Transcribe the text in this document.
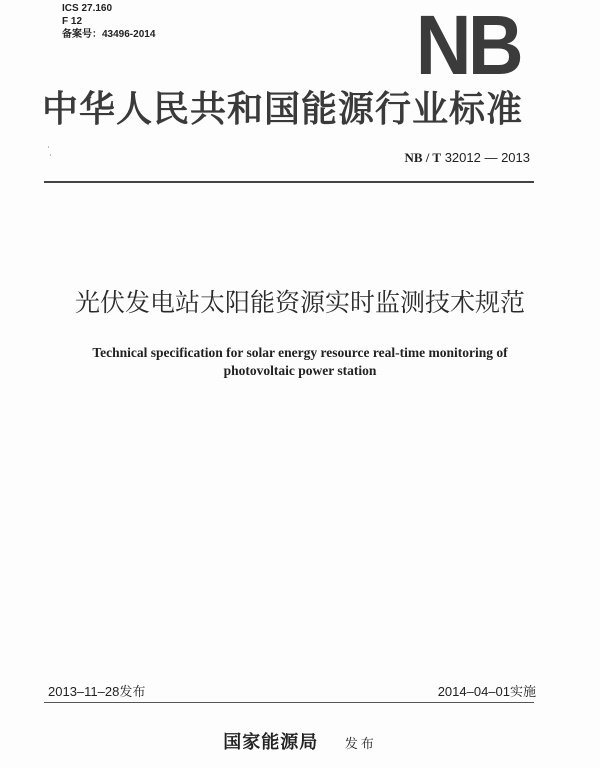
ICS 27.160
F 12
备案号：43496-2014	NB
中华人民共和国能源行业标准
NB / T 32012 — 2013
光伏发电站太阳能资源实时监测技术规范
Technical specification for solar energy resource real-time monitoring of
photovoltaic power station
2013–11–28发布	2014–04–01实施
国家能源局 发布
